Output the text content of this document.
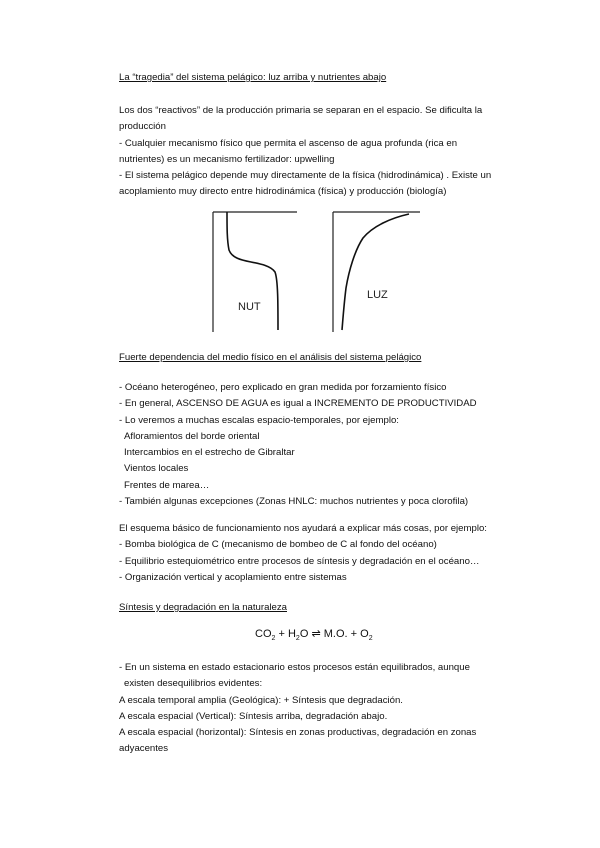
La “tragedia” del sistema pelágico: luz arriba y nutrientes abajo

Los dos “reactivos” de la producción primaria se separan en el espacio. Se dificulta la

producción

- Cualquier mecanismo físico que permita el ascenso de agua profunda (rica en

nutrientes) es un mecanismo fertilizador: upwelling

- El sistema pelágico depende muy directamente de la física (hidrodinámica) . Existe un

acoplamiento muy directo entre hidrodinámica (física) y producción (biología)

NUT
LUZ

Fuerte dependencia del medio físico en el análisis del sistema pelágico

- Océano heterogéneo, pero explicado en gran medida por forzamiento físico

- En general, ASCENSO DE AGUA es igual a INCREMENTO DE PRODUCTIVIDAD

- Lo veremos a muchas escalas espacio-temporales, por ejemplo:

Afloramientos del borde oriental

Intercambios en el estrecho de Gibraltar

Vientos locales

Frentes de marea…

- También algunas excepciones (Zonas HNLC: muchos nutrientes y poca clorofila)

El esquema básico de funcionamiento nos ayudará a explicar más cosas, por ejemplo:

- Bomba biológica de C (mecanismo de bombeo de C al fondo del océano)

- Equilibrio estequiométrico entre procesos de síntesis y degradación en el océano…

- Organización vertical y acoplamiento entre sistemas

Síntesis y degradación en la naturaleza

$CO_2 + H_2O$ ⇌ M.O. + $O_2$

- En un sistema en estado estacionario estos procesos están equilibrados, aunque

existen desequilibrios evidentes:

A escala temporal amplia (Geológica): + Síntesis que degradación.

A escala espacial (Vertical): Síntesis arriba, degradación abajo.

A escala espacial (horizontal): Síntesis en zonas productivas, degradación en zonas

adyacentes
